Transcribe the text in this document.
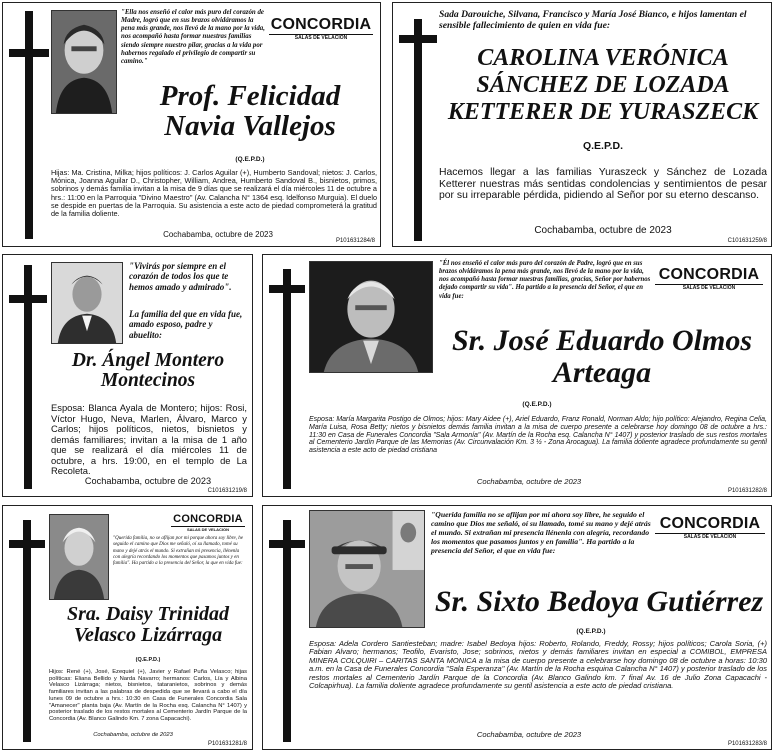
"Ella nos enseñó el calor más puro del corazón de Madre, logró que en sus brazos olvidáramos la pena más grande, nos llevó de la mano por la vida, nos acompañó hasta formar nuestras familias siendo siempre nuestro pilar, gracias a la vida por habernos regalado el privilegio de compartir su camino."
CONCORDIA
SALAS DE VELACION
Prof. Felicidad Navia Vallejos
(Q.E.P.D.)
Hijas: Ma. Cristina, Milka; hijos políticos: J. Carlos Aguilar (+), Humberto Sandoval; nietos: J. Carlos, Mónica, Joanna Aguilar D., Christopher, William, Andrea, Humberto Sandoval B., bisnietos, primos, sobrinos y demás familia invitan a la misa de 9 días que se realizará el día miércoles 11 de octubre a hrs.: 11:00 en la Parroquia "Divino Maestro" (Av. Calancha N° 1364 esq. Idelfonso Murguia). El duelo se despide en puertas de la Parroquia. Su asistencia a este acto de piedad comprometerá la gratitud de la familia doliente.
Cochabamba, octubre de 2023
P101631284/8
Sada Darouiche, Silvana, Francisco y María José Bianco, e hijos lamentan el sensible fallecimiento de quien en vida fue:
CAROLINA VERÓNICA SÁNCHEZ DE LOZADA KETTERER DE YURASZECK
Q.E.P.D.
Hacemos llegar a las familias Yuraszeck y Sánchez de Lozada Ketterer nuestras más sentidas condolencias y sentimientos de pesar por su irreparable pérdida, pidiendo al Señor por su eterno descanso.
Cochabamba, octubre de 2023
C101631259/8
"Vivirás por siempre en el corazón de todos los que te hemos amado y admirado".
La familia del que en vida fue, amado esposo, padre y abuelito:
Dr. Ángel Montero Montecinos
Esposa: Blanca Ayala de Montero; hijos: Rosi, Víctor Hugo, Neva, Marlen, Álvaro, Marco y Carlos; hijos políticos, nietos, bisnietos y demás familiares; invitan a la misa de 1 año que se realizará el día miércoles 11 de octubre, a hrs. 19:00, en el templo de La Recoleta.
Cochabamba, octubre de 2023
C101631219/8
"Él nos enseñó el calor más puro del corazón de Padre, logró que en sus brazos olvidáramos la pena más grande, nos llevó de la mano por la vida, nos acompañó hasta formar nuestras familias, gracias, Señor por habernos dejado compartir su vida". Ha partido a la presencia del Señor, el que en vida fue:
CONCORDIA
SALAS DE VELACION
Sr. José Eduardo Olmos Arteaga
(Q.E.P.D.)
Esposa: María Margarita Postigo de Olmos; hijos: Mary Aidee (+), Ariel Eduardo, Franz Ronald, Norman Aldo; hijo político: Alejandro, Regina Celia, María Luisa, Rosa Betty; nietos y bisnietos demás familia invitan a la misa de cuerpo presente a celebrarse hoy domingo 08 de octubre a hrs.: 11:30 en Casa de Funerales Concordia "Sala Armonía" (Av. Martín de la Rocha esq. Calancha N° 1407) y posterior traslado de sus restos mortales al Cementerio Jardín Parque de las Memorias (Av. Circunvalación Km. 3 ½ - Zona Arocagua). La familia doliente agradece profundamente su gentil asistencia a este acto de piedad cristiana
Cochabamba, octubre de 2023
P101631282/8
CONCORDIA
SALAS DE VELACION
"Querida familia, no se aflijan por mi porque ahora soy libre, he seguido el camino que Dios me señaló, oí su llamado, tomé su mano y dejé atrás el mundo. Si extrañan mi presencia, llénenla con alegría recordando los momentos que pasamos juntos y en familia". Ha partido a la presencia del Señor, la que en vida fue:
Sra. Daisy Trinidad Velasco Lizárraga
(Q.E.P.D.)
Hijos: René (+), José, Ezequiel (+), Javier y Rafael Puña Velasco; hijas políticas: Eliana Bellido y Narda Navarro; hermanos: Carlos, Lía y Albina Velasco Lizárraga; nietos, bisnietos, tataranietos, sobrinos y demás familiares invitan a las palabras de despedida que se llevará a cabo el día lunes 09 de octubre a hrs.: 10:30 en Casa de Funerales Concordia Sala "Amanecer" planta baja (Av. Martín de la Rocha esq. Calancha N° 1407) y posterior traslado de los restos mortales al Cementerio Jardín Parque de la Concordia (Av. Blanco Galindo Km. 7 zona Capacachi).
Cochabamba, octubre de 2023
P101631281/8
"Querida familia no se aflijan por mi ahora soy libre, he seguido el camino que Dios me señaló, oí su llamado, tomé su mano y dejé atrás el mundo. Si extrañan mi presencia llénenla con alegría, recordando los momentos que pasamos juntos y en familia". Ha partido a la presencia del Señor, el que en vida fue:
CONCORDIA
SALAS DE VELACION
Sr. Sixto Bedoya Gutiérrez
(Q.E.P.D.)
Esposa: Adela Cordero Santiesteban; madre: Isabel Bedoya hijos: Roberto, Rolando, Freddy, Rossy; hijos políticos; Carola Soria, (+) Fabian Alvaro; hermanos; Teofilo, Evaristo, Jose; sobrinos, nietos y demás familiares invitan en especial a COMIBOL, EMPRESA MINERA COLQUIRI – CARITAS SANTA MONICA a la misa de cuerpo presente a celebrarse hoy domingo 08 de octubre a horas: 10:30 a.m. en la Casa de Funerales Concordia "Sala Esperanza" (Av. Martín de la Rocha esquina Calancha N° 1407) y posterior traslado de los restos mortales al Cementerio Jardín Parque de la Concordia (Av. Blanco Galindo km. 7 final Av. 16 de Julio Zona Capacachi - Colcapirhua). La familia doliente agradece profundamente su gentil asistencia a este acto de piedad cristiana.
Cochabamba, octubre de 2023
P101631283/8
